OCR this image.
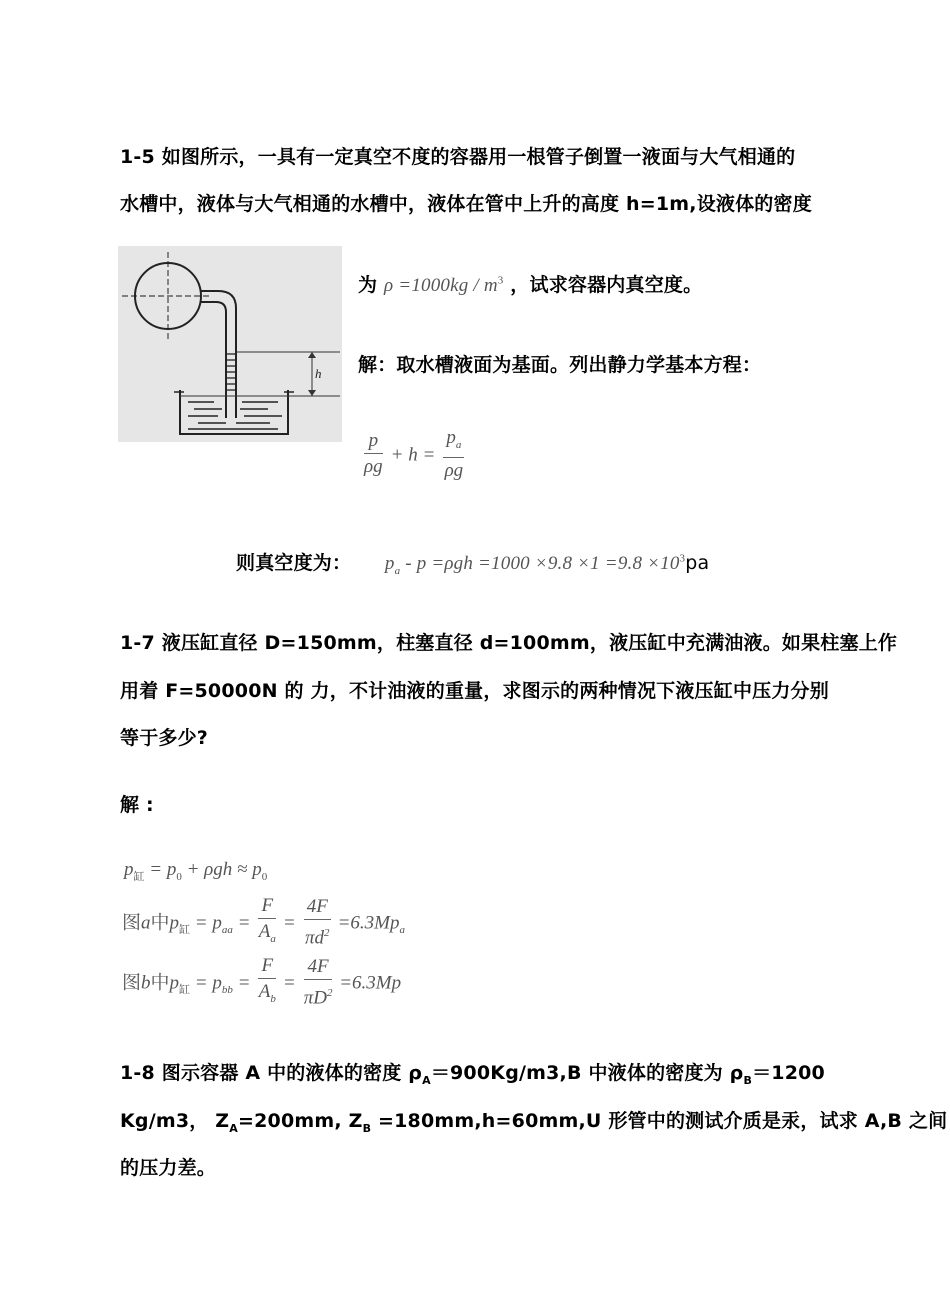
1-5 如图所示，一具有一定真空不度的容器用一根管子倒置一液面与大气相通的
水槽中，液体与大气相通的水槽中，液体在管中上升的高度 h=1m,设液体的密度
h
为 $\rho =1000kg / m^3$ ，试求容器内真空度。
解：取水槽液面为基面。列出静力学基本方程：
$\frac{p}{\rho g} + h = \frac{p_a}{\rho g}$
则真空度为： $p_a - p =\rho gh =1000 \times 9.8 \times 1 =9.8 \times 10^3pa$
1-7 液压缸直径 D=150mm，柱塞直径 d=100mm，液压缸中充满油液。如果柱塞上作
用着 F=50000N 的 力，不计油液的重量，求图示的两种情况下液压缸中压力分别
等于多少?
解 :
$p_缸 = p_0 + \rho gh \approx p_0$
图a中$p_缸 = p_{aa} = \frac{F}{A_a} = \frac{4F}{\pi d^2} =6.3Mp_a$
图b中$p_缸 = p_{bb} = \frac{F}{A_b} = \frac{4F}{\pi D^2} =6.3Mp$
1-8 图示容器 A 中的液体的密度 $\rho_A=900Kg/m3,B$ 中液体的密度为 $\rho_B=1200$
Kg/m3， $Z_A=200mm$, $Z_B =180mm,h=60mm,U$ 形管中的测试介质是汞，试求 A,B 之间
的压力差。
